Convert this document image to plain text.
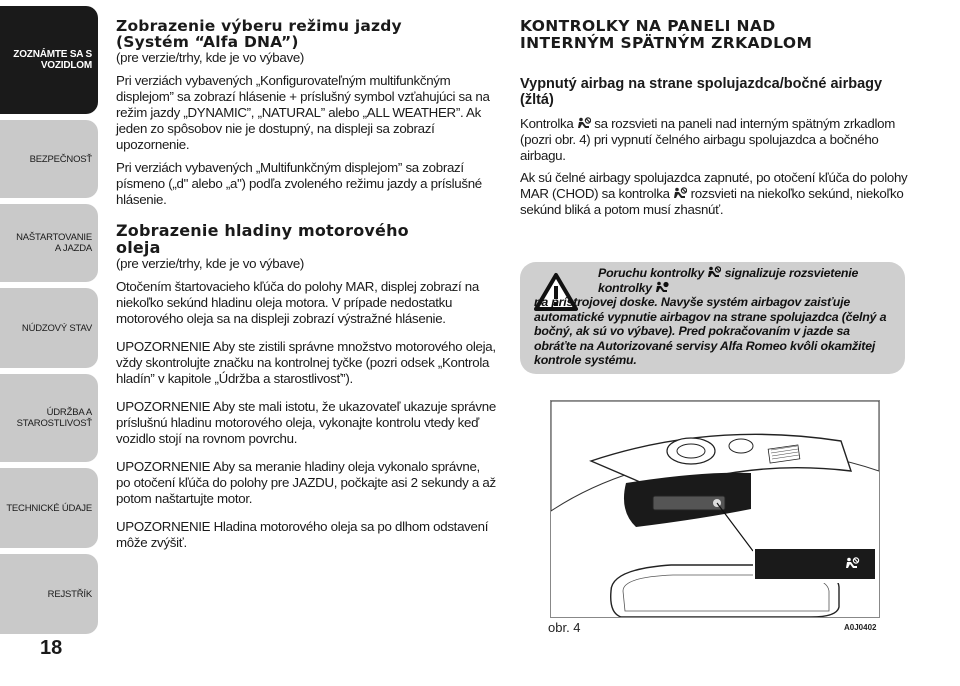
ZOZNÁMTE SA S VOZIDLOM
BEZPEČNOSŤ
NAŠTARTOVANIE A JAZDA
NÚDZOVÝ STAV
ÚDRŽBA A STAROSTLIVOSŤ
TECHNICKÉ ÚDAJE
REJSTŘÍK
18
Zobrazenie výberu režimu jazdy (Systém “Alfa DNA”)

(pre verzie/trhy, kde je vo výbave)

Pri verziách vybavených „Konfigurovateľným multifunkčným displejom” sa zobrazí hlásenie + príslušný symbol vzťahujúci sa na režim jazdy „DYNAMIC”, „NATURAL” alebo „ALL WEATHER”. Ak jeden zo spôsobov nie je dostupný, na displeji sa zobrazí upozornenie.

Pri verziách vybavených „Multifunkčným displejom” sa zobrazí písmeno („d" alebo „a") podľa zvoleného režimu jazdy a príslušné hlásenie.

Zobrazenie hladiny motorového oleja

(pre verzie/trhy, kde je vo výbave)

Otočením štartovacieho kľúča do polohy MAR, displej zobrazí na niekoľko sekúnd hladinu oleja motora. V prípade nedostatku motorového oleja sa na displeji zobrazí výstražné hlásenie.

UPOZORNENIE Aby ste zistili správne množstvo motorového oleja, vždy skontrolujte značku na kontrolnej tyčke (pozri odsek „Kontrola hladín” v kapitole „Údržba a starostlivosť”).

UPOZORNENIE Aby ste mali istotu, že ukazovateľ ukazuje správne príslušnú hladinu motorového oleja, vykonajte kontrolu vtedy keď vozidlo stojí na rovnom povrchu.

UPOZORNENIE Aby sa meranie hladiny oleja vykonalo správne, po otočení kľúča do polohy pre JAZDU, počkajte asi 2 sekundy a až potom naštartujte motor.

UPOZORNENIE Hladina motorového oleja sa po dlhom odstavení môže zvýšiť.

KONTROLKY NA PANELI NAD INTERNÝM SPÄTNÝM ZRKADLOM
Vypnutý airbag na strane spolujazdca/bočné airbagy (žltá)

Kontrolka sa rozsvieti na paneli nad interným spätným zrkadlom (pozri obr. 4) pri vypnutí čelného airbagu spolujazdca a bočného airbagu.

Ak sú čelné airbagy spolujazdca zapnuté, po otočení kľúča do polohy MAR (CHOD) sa kontrolka rozsvieti na niekoľko sekúnd, niekoľko sekúnd bliká a potom musí zhasnúť.

Poruchu kontrolky signalizuje rozsvietenie kontrolky
na prístrojovej doske. Navyše systém airbagov zaisťuje automatické vypnutie airbagov na strane spolujazdca (čelný a bočný, ak sú vo výbave). Pred pokračovaním v jazde sa obráťte na Autorizované servisy Alfa Romeo kvôli okamžitej kontrole systému.
obr. 4	A0J0402
